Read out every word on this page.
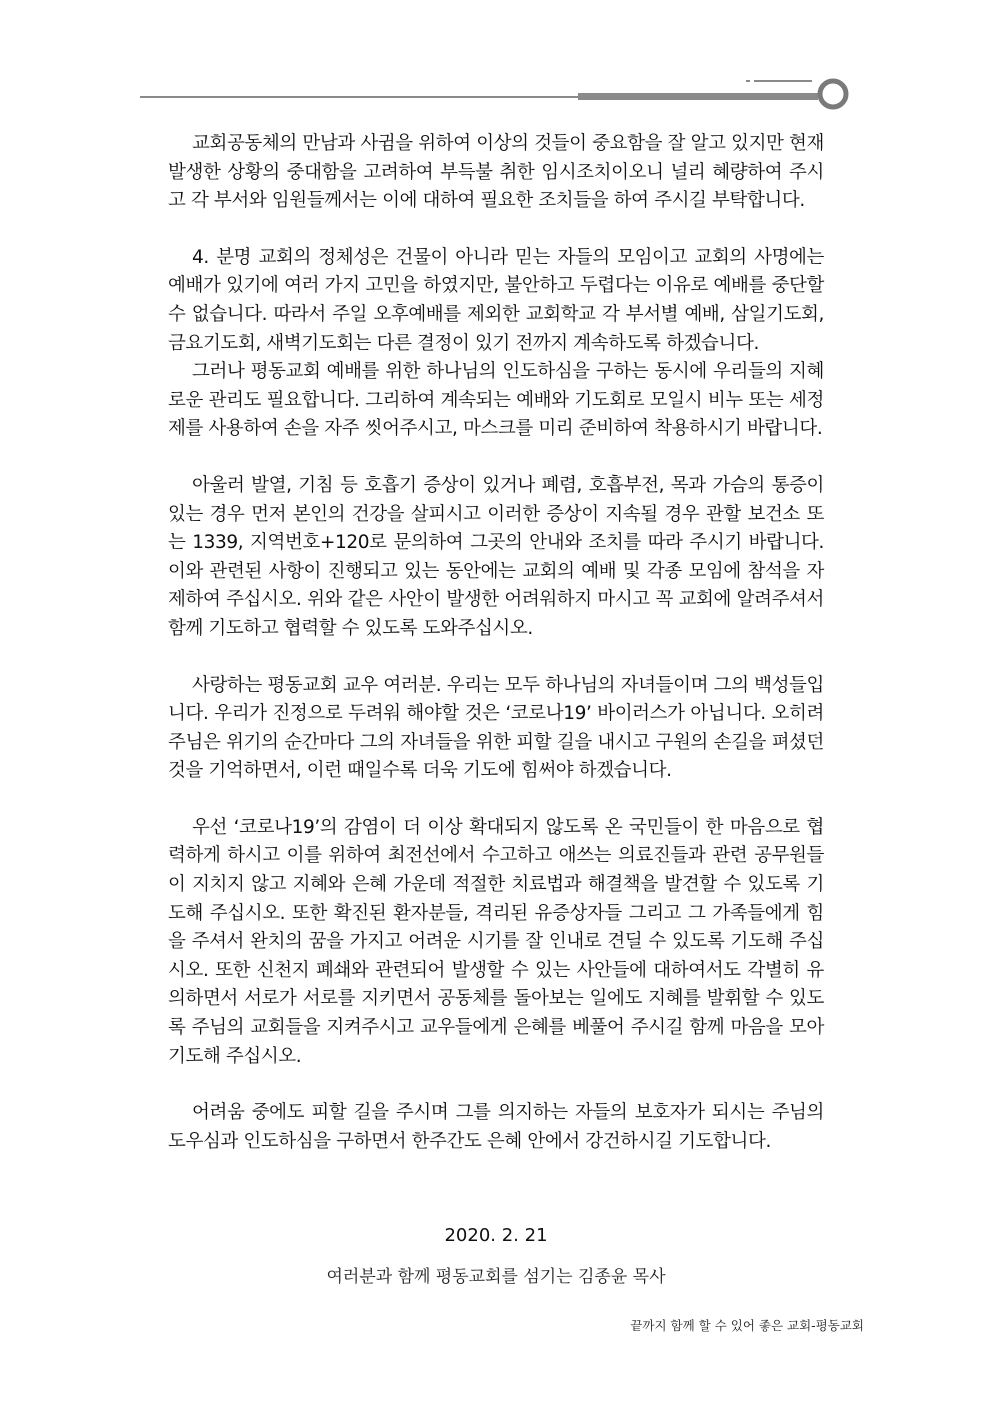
교회공동체의 만남과 사귐을 위하여 이상의 것들이 중요함을 잘 알고 있지만 현재 발생한 상황의 중대함을 고려하여 부득불 취한 임시조치이오니 널리 혜량하여 주시고 각 부서와 임원들께서는 이에 대하여 필요한 조치들을 하여 주시길 부탁합니다.

4. 분명 교회의 정체성은 건물이 아니라 믿는 자들의 모임이고 교회의 사명에는 예배가 있기에 여러 가지 고민을 하였지만, 불안하고 두렵다는 이유로 예배를 중단할 수 없습니다. 따라서 주일 오후예배를 제외한 교회학교 각 부서별 예배, 삼일기도회, 금요기도회, 새벽기도회는 다른 결정이 있기 전까지 계속하도록 하겠습니다.

그러나 평동교회 예배를 위한 하나님의 인도하심을 구하는 동시에 우리들의 지혜로운 관리도 필요합니다. 그리하여 계속되는 예배와 기도회로 모일시 비누 또는 세정제를 사용하여 손을 자주 씻어주시고, 마스크를 미리 준비하여 착용하시기 바랍니다.

아울러 발열, 기침 등 호흡기 증상이 있거나 폐렴, 호흡부전, 목과 가슴의 통증이 있는 경우 먼저 본인의 건강을 살피시고 이러한 증상이 지속될 경우 관할 보건소 또는 1339, 지역번호+120로 문의하여 그곳의 안내와 조치를 따라 주시기 바랍니다. 이와 관련된 사항이 진행되고 있는 동안에는 교회의 예배 및 각종 모임에 참석을 자제하여 주십시오. 위와 같은 사안이 발생한 어려워하지 마시고 꼭 교회에 알려주셔서 함께 기도하고 협력할 수 있도록 도와주십시오.

사랑하는 평동교회 교우 여러분. 우리는 모두 하나님의 자녀들이며 그의 백성들입니다. 우리가 진정으로 두려워 해야할 것은 ‘코로나19’ 바이러스가 아닙니다. 오히려 주님은 위기의 순간마다 그의 자녀들을 위한 피할 길을 내시고 구원의 손길을 펴셨던 것을 기억하면서, 이런 때일수록 더욱 기도에 힘써야 하겠습니다.

우선 ‘코로나19’의 감염이 더 이상 확대되지 않도록 온 국민들이 한 마음으로 협력하게 하시고 이를 위하여 최전선에서 수고하고 애쓰는 의료진들과 관련 공무원들이 지치지 않고 지혜와 은혜 가운데 적절한 치료법과 해결책을 발견할 수 있도록 기도해 주십시오. 또한 확진된 환자분들, 격리된 유증상자들 그리고 그 가족들에게 힘을 주셔서 완치의 꿈을 가지고 어려운 시기를 잘 인내로 견딜 수 있도록 기도해 주십시오. 또한 신천지 폐쇄와 관련되어 발생할 수 있는 사안들에 대하여서도 각별히 유의하면서 서로가 서로를 지키면서 공동체를 돌아보는 일에도 지혜를 발휘할 수 있도록 주님의 교회들을 지켜주시고 교우들에게 은혜를 베풀어 주시길 함께 마음을 모아 기도해 주십시오.

어려움 중에도 피할 길을 주시며 그를 의지하는 자들의 보호자가 되시는 주님의 도우심과 인도하심을 구하면서 한주간도 은혜 안에서 강건하시길 기도합니다.

2020. 2. 21
여러분과 함께 평동교회를 섬기는 김종윤 목사
끝까지 함께 할 수 있어 좋은 교회-평동교회
